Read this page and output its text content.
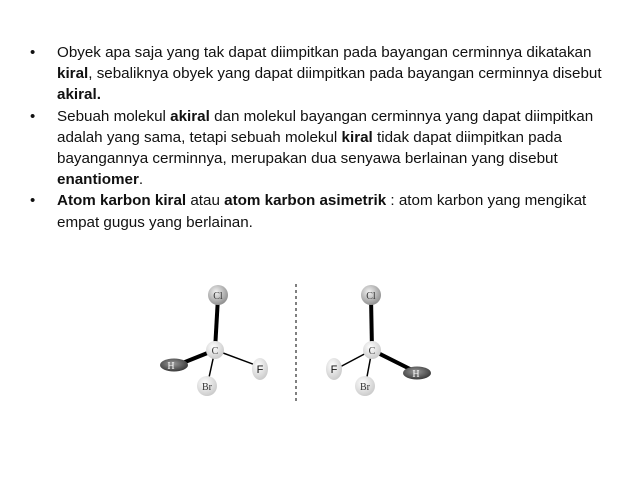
• Obyek apa saja yang tak dapat diimpitkan pada bayangan cerminnya dikatakan kiral, sebaliknya obyek yang dapat diimpitkan pada bayangan cerminnya disebut akiral.
• Sebuah molekul akiral dan molekul bayangan cerminnya yang dapat diimpitkan adalah yang sama, tetapi sebuah molekul kiral tidak dapat diimpitkan pada bayangannya cerminnya, merupakan dua senyawa berlainan yang disebut enantiomer.
• Atom karbon kiral atau atom karbon asimetrik : atom karbon yang mengikat empat gugus yang berlainan.
Cl
H	F
Br
C
Cl
F	H
Br
C
